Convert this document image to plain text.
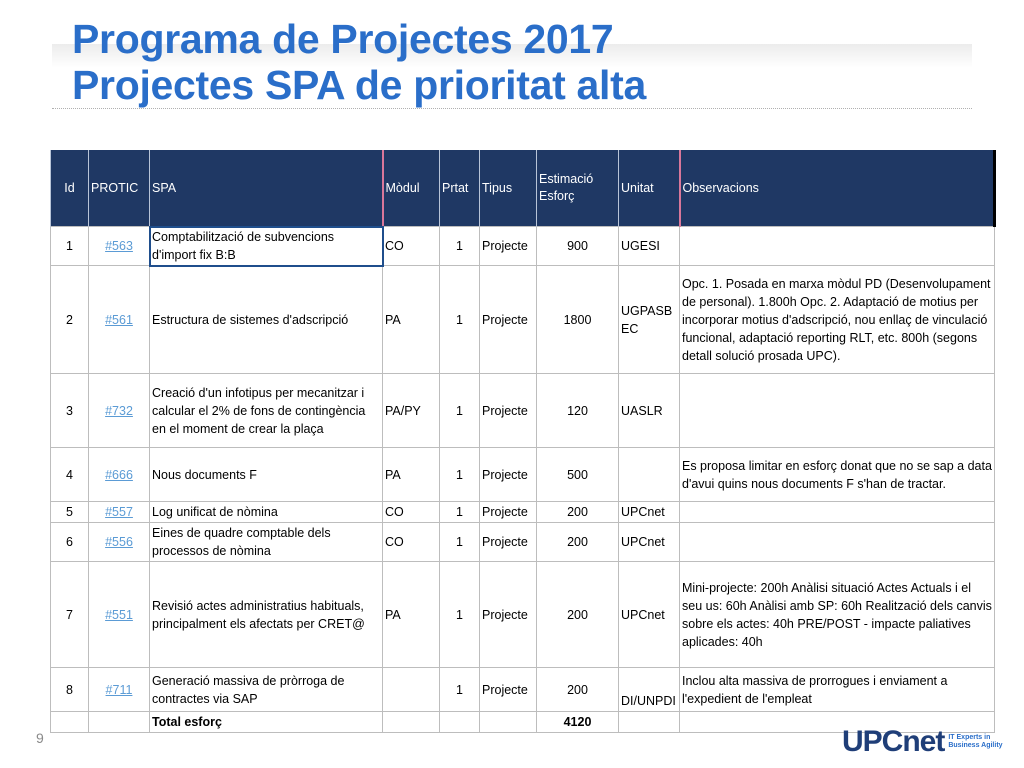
Programa de Projectes 2017
Projectes SPA de prioritat alta
Id	PROTIC	SPA	Mòdul	Prtat	Tipus	Estimació Esforç	Unitat	Observacions
1	#563	Comptabilització de subvencions d'import fix B:B	CO	1	Projecte	900	UGESI	
2	#561	Estructura de sistemes d'adscripció	PA	1	Projecte	1800	UGPASBEC	Opc. 1. Posada en marxa mòdul PD (Desenvolupament de personal). 1.800h Opc. 2. Adaptació de motius per incorporar motius d'adscripció, nou enllaç de vinculació funcional, adaptació reporting RLT, etc. 800h (segons detall solució prosada UPC).
3	#732	Creació d'un infotipus per mecanitzar i calcular el 2% de fons de contingència en el moment de crear la plaça	PA/PY	1	Projecte	120	UASLR	
4	#666	Nous documents F	PA	1	Projecte	500		Es proposa limitar en esforç donat que no se sap a data d'avui quins nous documents F s'han de tractar.
5	#557	Log unificat de nòmina	CO	1	Projecte	200	UPCnet	
6	#556	Eines de quadre comptable dels processos de nòmina	CO	1	Projecte	200	UPCnet	
7	#551	Revisió actes administratius habituals, principalment els afectats per CRET@	PA	1	Projecte	200	UPCnet	Mini-projecte: 200h Anàlisi situació Actes Actuals i el seu us: 60h Anàlisi amb SP: 60h Realització dels canvis sobre els actes: 40h PRE/POST - impacte paliatives aplicades: 40h
8	#711	Generació massiva de pròrroga de contractes via SAP		1	Projecte	200	DI/UNPDI	Inclou alta massiva de prorrogues i enviament a l'expedient de l'empleat
		Total esforç				4120		
9	UPCnet IT Experts in
Business Agility
